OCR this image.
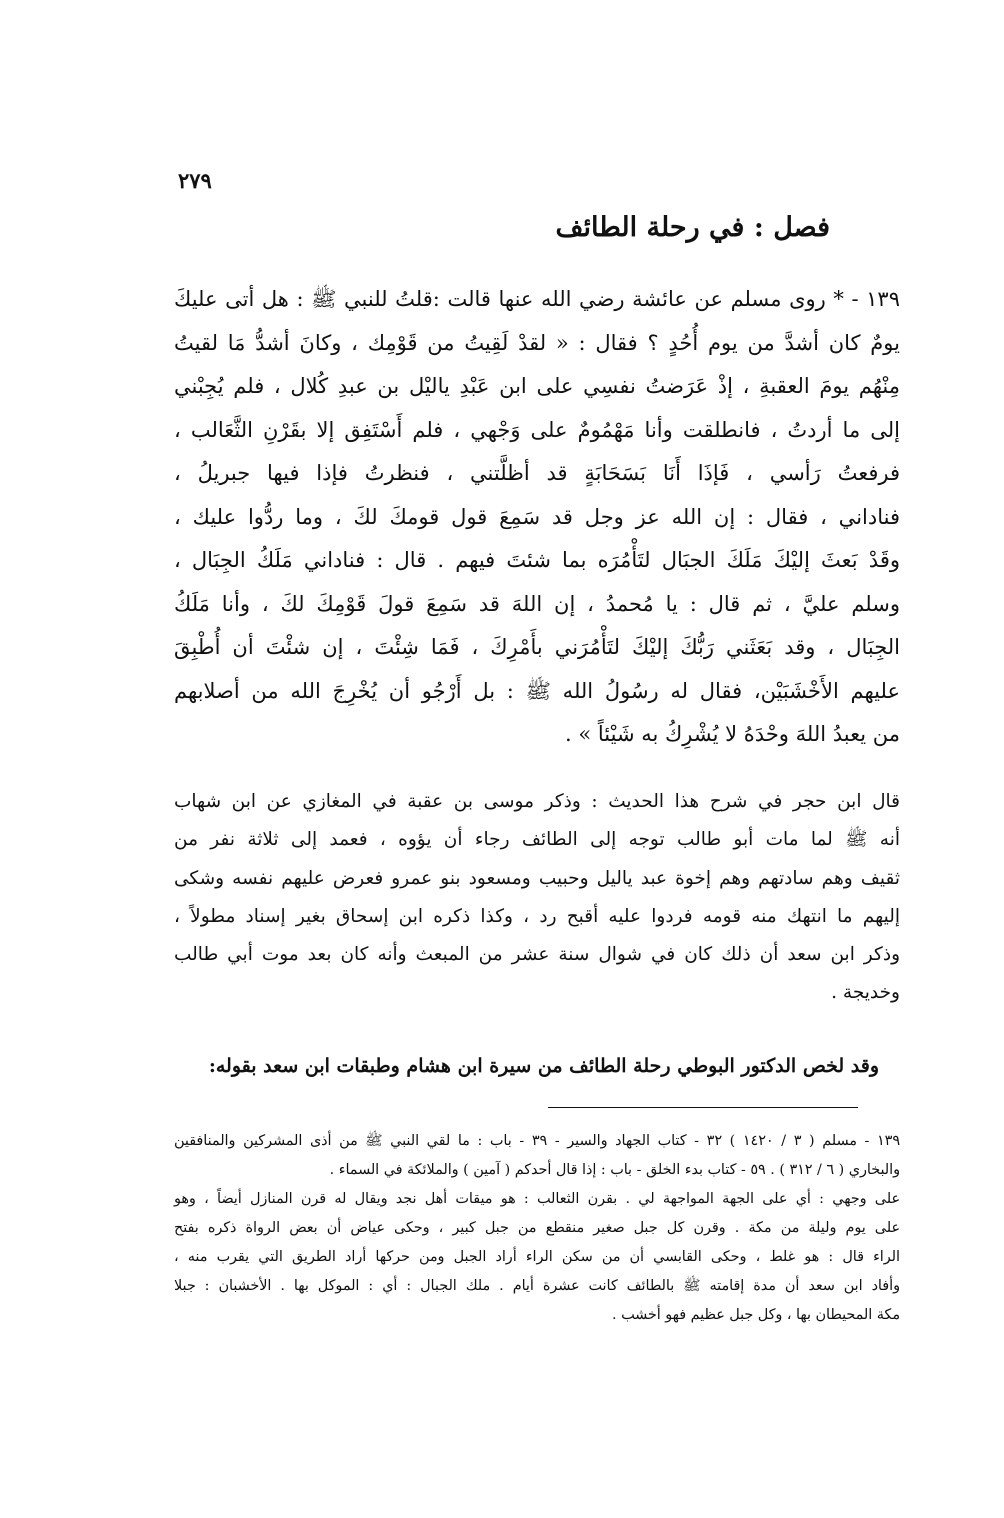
٢٧٩
فصل : في رحلة الطائف
١٣٩ - * روى مسلم عن عائشة رضي الله عنها قالت :قلتُ للنبي ﷺ : هل أتى عليكَ
يومٌ كان أشدَّ من يوم أُحُدٍ ؟ فقال : « لقدْ لَقِيتُ من قَوْمِك ، وكانَ أشدُّ مَا لقيتُ
مِنْهُم يومَ العقبةِ ، إذْ عَرَضتُ نفسِي على ابن عَبْدِ ياليْل بن عبدِ كُلال ، فلم يُجِبْني
إلى ما أردتُ ، فانطلقت وأنا مَهْمُومٌ على وَجْهي ، فلم أَسْتَفِق إلا بقَرْنِ الثَّعَالب ،
فرفعتُ رَأسي ، فَإذَا أَنَا بَسَحَابَةٍ قد أظلَّتني ، فنظرتُ فإذا فيها جبريلُ ،
فناداني ، فقال : إن الله عز وجل قد سَمِعَ قول قومكَ لكَ ، وما ردُّوا عليك ،
وقَدْ بَعثَ إليْكَ مَلَكَ الجبَال لتَأْمُرَه بما شئتَ فيهم . قال : فناداني مَلَكُ الجِبَال ،
وسلم عليَّ ، ثم قال : يا مُحمدُ ، إن اللهَ قد سَمِعَ قولَ قَوْمِكَ لكَ ، وأنا مَلَكُ
الجِبَال ، وقد بَعَثَني رَبُّكَ إليْكَ لتَأْمُرَني بأَمْرِكَ ، فَمَا شِئْتَ ، إن شئْتَ أن أُطْبِقَ
عليهم الأَخْشَبَيْن، فقال له رسُولُ الله ﷺ : بل أَرْجُو أن يُخْرِجَ الله من أصلابهم
من يعبدُ اللهَ وحْدَهُ لا يُشْرِكُ به شَيْئاً » .
قال ابن حجر في شرح هذا الحديث : وذكر موسى بن عقبة في المغازي عن ابن شهاب
أنه ﷺ لما مات أبو طالب توجه إلى الطائف رجاء أن يؤوه ، فعمد إلى ثلاثة نفر من
ثقيف وهم سادتهم وهم إخوة عبد ياليل وحبيب ومسعود بنو عمرو فعرض عليهم نفسه وشكى
إليهم ما انتهك منه قومه فردوا عليه أقبح رد ، وكذا ذكره ابن إسحاق بغير إسناد مطولاً ،
وذكر ابن سعد أن ذلك كان في شوال سنة عشر من المبعث وأنه كان بعد موت أبي طالب
وخديجة .
وقد لخص الدكتور البوطي رحلة الطائف من سيرة ابن هشام وطبقات ابن سعد بقوله:
١٣٩ - مسلم ( ٣ / ١٤٢٠ ) ٣٢ - كتاب الجهاد والسير - ٣٩ - باب : ما لقي النبي ﷺ من أذى المشركين والمنافقين
والبخاري ( ٦ / ٣١٢ ) . ٥٩ - كتاب بدء الخلق - باب : إذا قال أحدكم ( آمين ) والملائكة في السماء .
على وجهي : أي على الجهة المواجهة لي . بقرن الثعالب : هو ميقات أهل نجد ويقال له قرن المنازل أيضاً ، وهو
على يوم وليلة من مكة . وقرن كل جبل صغير منقطع من جبل كبير ، وحكى عياض أن بعض الرواة ذكره بفتح
الراء قال : هو غلط ، وحكى القابسي أن من سكن الراء أراد الجبل ومن حركها أراد الطريق التي يقرب منه ،
وأفاد ابن سعد أن مدة إقامته ﷺ بالطائف كانت عشرة أيام . ملك الجبال : أي : الموكل بها . الأخشبان : جبلا
مكة المحيطان بها ، وكل جبل عظيم فهو أخشب .
